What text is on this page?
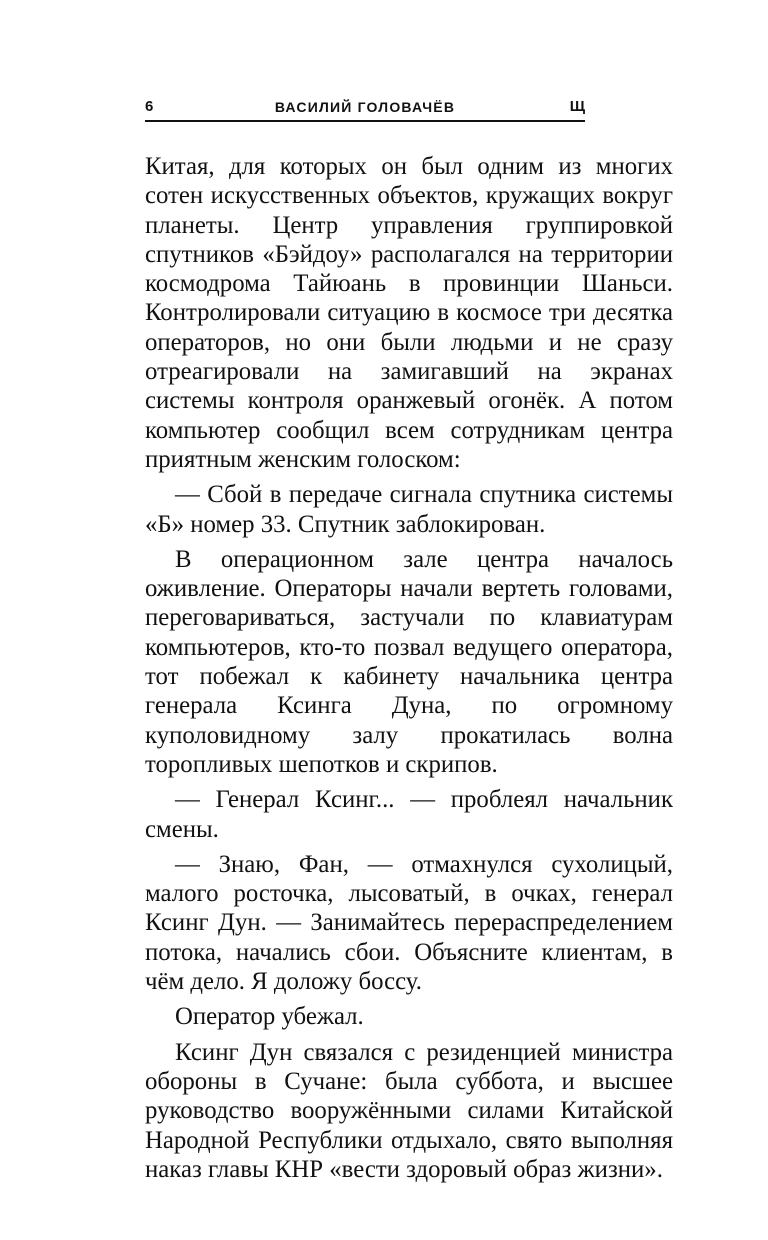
6	ВАСИЛИЙ ГОЛОВАЧЁВ	Щ

Китая, для которых он был одним из многих сотен искусственных объектов, кружащих вокруг планеты. Центр управления группировкой спутников «Бэйдоу» располагался на территории космодрома Тайюань в провинции Шаньси. Контролировали ситуацию в космосе три десятка операторов, но они были людьми и не сразу отреагировали на замигавший на экранах системы контроля оранжевый огонёк. А потом компьютер сообщил всем сотрудникам центра приятным женским голоском:

— Сбой в передаче сигнала спутника системы «Б» номер 33. Спутник заблокирован.

В операционном зале центра началось оживление. Операторы начали вертеть головами, переговариваться, застучали по клавиатурам компьютеров, кто-то позвал ведущего оператора, тот побежал к кабинету начальника центра генерала Ксинга Дуна, по огромному куполовидному залу прокатилась волна торопливых шепотков и скрипов.

— Генерал Ксинг... — проблеял начальник смены.

— Знаю, Фан, — отмахнулся сухолицый, малого росточка, лысоватый, в очках, генерал Ксинг Дун. — Занимайтесь перераспределением потока, начались сбои. Объясните клиентам, в чём дело. Я доложу боссу.

Оператор убежал.

Ксинг Дун связался с резиденцией министра обороны в Сучане: была суббота, и высшее руководство вооружёнными силами Китайской Народной Республики отдыхало, свято выполняя наказ главы КНР «вести здоровый образ жизни».
